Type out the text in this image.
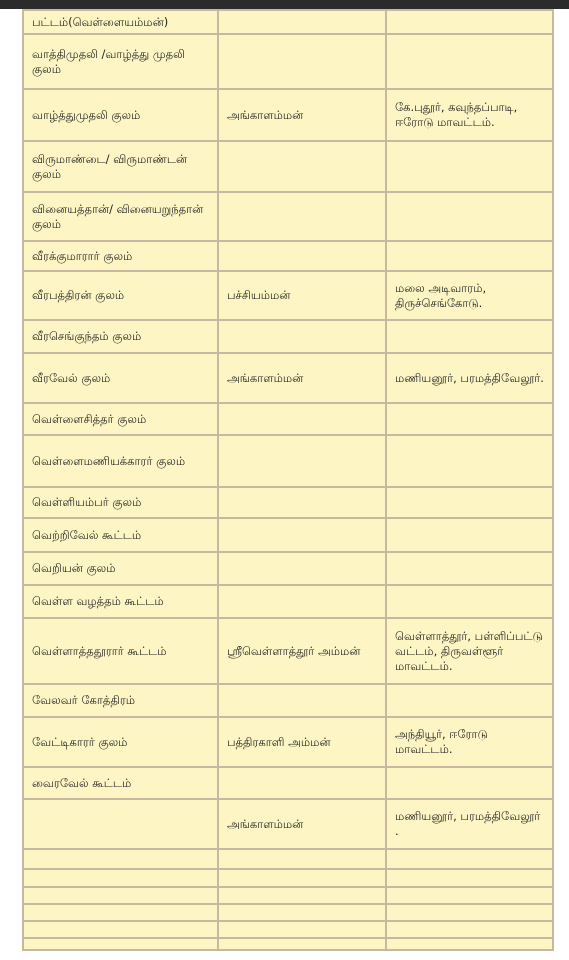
பட்டம்(வெள்ளையம்மன்)		
வாத்திமுதலி /வாழ்த்து முதலி குலம்		
வாழ்த்துமுதலி குலம்	அங்காளம்மன்	கே.புதூர், கவுந்தப்பாடி, ஈரோடு மாவட்டம்.
விருமாண்டை/ விருமாண்டன் குலம்		
வினையத்தான்/ வினையறுந்தான் குலம்		
வீரக்குமாரார் குலம்		
வீரபத்திரன் குலம்	பச்சியம்மன்	மலை அடிவாரம், திருச்செங்கோடு.
வீரசெங்குந்தம் குலம்		
வீரவேல் குலம்	அங்காளம்மன்	மணியனூர், பரமத்திவேலூர்.
வெள்ளைசித்தர் குலம்		
வெள்ளைமணியக்காரர் குலம்		
வெள்ளியம்பர் குலம்		
வெற்றிவேல் கூட்டம்		
வெறியன் குலம்		
வெள்ள வழத்தம் கூட்டம்		
வெள்ளாத்ததூரார் கூட்டம்	ஸ்ரீவெள்ளாத்தூர் அம்மன்	வெள்ளாத்தூர், பள்ளிப்பட்டு வட்டம், திருவள்ளூர் மாவட்டம்.
வேலவர் கோத்திரம்		
வேட்டிகாரர் குலம்	பத்திரகாளி அம்மன்	அந்தியூர், ஈரோடு மாவட்டம்.
வைரவேல் கூட்டம்		
	அங்காளம்மன்	மணியனூர், பரமத்திவேலூர் .
